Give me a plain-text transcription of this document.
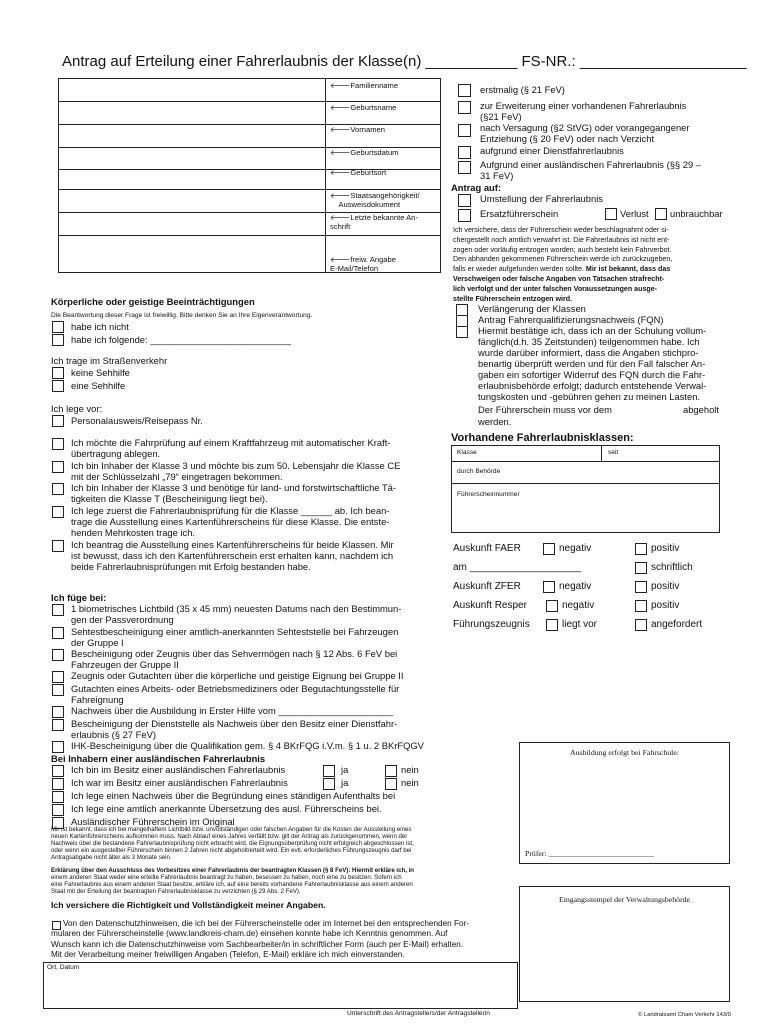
Antrag auf Erteilung einer Fahrerlaubnis der Klasse(n) ___________ FS-NR.: ____________________
🡐Familienname
🡐Geburtsname
🡐Vornamen
🡐Geburtsdatum
🡐Geburtsort
🡐Staatsangehörigkeit/
Ausweisdokument
🡐Letzte bekannte An-
schrift
🡐freiw. Angabe
E-Mail/Telefon
Körperliche oder geistige Beeinträchtigungen
Die Beantwortung dieser Frage ist freiwillig. Bitte denken Sie an Ihre Eigenverantwortung.
habe ich nicht
habe ich folgende: ___________________________
Ich trage im Straßenverkehr
keine Sehhilfe
eine Sehhilfe
Ich lege vor:
Personalausweis/Reisepass Nr.
Ich möchte die Fahrprüfung auf einem Kraftfahrzeug mit automatischer Kraft-
übertragung ablegen.
Ich bin Inhaber der Klasse 3 und möchte bis zum 50. Lebensjahr die Klasse CE
mit der Schlüsselzahl „79“ eingetragen bekommen.
Ich bin Inhaber der Klasse 3 und benötige für land- und forstwirtschaftliche Tä-
tigkeiten die Klasse T (Bescheinigung liegt bei).
Ich lege zuerst die Fahrerlaubnisprüfung für die Klasse ______ ab. Ich bean-
trage die Ausstellung eines Kartenführerscheins für diese Klasse. Die entste-
henden Mehrkosten trage ich.
Ich beantrag die Ausstellung eines Kartenführerscheins für beide Klassen. Mir
ist bewusst, dass ich den Kartenführerschein erst erhalten kann, nachdem ich
beide Fahrerlaubnisprüfungen mit Erfolg bestanden habe.
Ich füge bei:
1 biometrisches Lichtbild (35 x 45 mm) neuesten Datums nach den Bestimmun-
gen der Passverordnung
Sehtestbescheinigung einer amtlich-anerkannten Sehteststelle bei Fahrzeugen
der Gruppe I
Bescheinigung oder Zeugnis über das Sehvermögen nach § 12 Abs. 6 FeV bei
Fahrzeugen der Gruppe II
Zeugnis oder Gutachten über die körperliche und geistige Eignung bei Gruppe II
Gutachten eines Arbeits- oder Betriebsmediziners oder Begutachtungsstelle für
Fahreignung
Nachweis über die Ausbildung in Erster Hilfe vom ______________________
Bescheinigung der Dienststelle als Nachweis über den Besitz einer Dienstfahr-
erlaubnis (§ 27 FeV)
IHK-Bescheinigung über die Qualifikation gem. § 4 BKrFQG i.V.m. § 1 u. 2 BKrFQGV
Bei Inhabern einer ausländischen Fahrerlaubnis
Ich bin im Besitz einer ausländischen Fahrerlaubnis	ja	nein
Ich war im Besitz einer ausländischen Fahrerlaubnis	ja	nein
Ich lege einen Nachweis über die Begründung eines ständigen Aufenthalts bei
Ich lege eine amtlich anerkannte Übersetzung des ausl. Führerscheins bei.
Ausländischer Führerschein im Original
Mir ist bekannt, dass ich bei mangelhaftem Lichtbild bzw. unvollständigen oder falschen Angaben für die Kosten der Ausstellung eines
neuen Kartenführerscheins aufkommen muss. Nach Ablauf eines Jahres verfällt bzw. gilt der Antrag als zurückgenommen, wenn der
Nachweis über die bestandene Fahrerlaubnisprüfung nicht erbracht wird, die Eignungsüberprüfung nicht erfolgreich abgeschlossen ist,
oder wenn ein ausgestellter Führerschein binnen 2 Jahren nicht abgeholt/erteilt wird. Ein evtl. erforderliches Führungszeugnis darf bei
Antragsabgabe nicht älter als 3 Monate sein.
Erklärung über den Ausschluss des Vorbesitzes einer Fahrerlaubnis der beantragten Klassen (§ 8 FeV): Hiermit erkläre ich, in
einem anderen Staat weder eine erteilte Fahrerlaubnis beantragt zu haben, besessen zu haben, noch eine zu besitzen. Sofern ich
eine Fahrerlaubnis aus einem anderen Staat besitze, erkläre ich, auf eine bereits vorhandene Fahrerlaubnisklasse aus einem anderen
Staat mit der Erteilung der beantragten Fahrerlaubnisklasse zu verzichten (§ 29 Abs. 2 FeV).
Ich versichere die Richtigkeit und Vollständigkeit meiner Angaben.
Von den Datenschutzhinweisen, die ich bei der Führerscheinstelle oder im Internet bei den entsprechenden For-

mularen der Führerscheinstelle (www.landkreis-cham.de) einsehen konnte habe ich Kenntnis genommen. Auf
Wunsch kann ich die Datenschutzhinweise vom Sachbearbeiter/in in schriftlicher Form (auch per E-Mail) erhalten.
Mit der Verarbeitung meiner freiwilligen Angaben (Telefon, E-Mail) erkläre ich mich einverstanden.
Ort, Datum
Unterschrift des Antragstellers/der Antragstellerin
erstmalig (§ 21 FeV)
zur Erweiterung einer vorhandenen Fahrerlaubnis
(§21 FeV)
nach Versagung (§2 StVG) oder vorangegangener
Entziehung (§ 20 FeV) oder nach Verzicht
aufgrund einer Dienstfahrerlaubnis
Aufgrund einer ausländischen Fahrerlaubnis (§§ 29 –
31 FeV)
Antrag auf:
Umstellung der Fahrerlaubnis
Ersatzführerschein	Verlust unbrauchbar
Ich versichere, dass der Führerschein weder beschlagnahmt oder si-
chergestellt noch amtlich verwahrt ist. Die Fahrerlaubnis ist nicht ent-
zogen oder vorläufig entzogen worden; auch besteht kein Fahrverbot.
Den abhanden gekommenen Führerschein werde ich zurückzugeben,
falls er wieder aufgefunden werden sollte. Mir ist bekannt, dass das
Verschweigen oder falsche Angaben von Tatsachen strafrecht-
lich verfolgt und der unter falschen Voraussetzungen ausge-
stellte Führerschein entzogen wird.
Verlängerung der Klassen
Antrag Fahrerqualifizierungsnachweis (FQN)
Hiermit bestätige ich, dass ich an der Schulung vollum-
fänglich(d.h. 35 Zeitstunden) teilgenommen habe. Ich
wurde darüber informiert, dass die Angaben stichpro-
benartig überprüft werden und für den Fall falscher An-
gaben ein sofortiger Widerruf des FQN durch die Fahr-
erlaubnisbehörde erfolgt; dadurch entstehende Verwal-
tungskosten und -gebühren gehen zu meinen Lasten.
Der Führerschein muss vor dem	abgeholt
werden.
Vorhandene Fahrerlaubnisklassen:
Klasse	seit
durch Behörde
Führerscheinnummer
Auskunft FAER	negativ	positiv
am ____________________	schriftlich
Auskunft ZFER	negativ	positiv
Auskunft Resper	negativ	positiv
Führungszeugnis	liegt vor	angefordert
Ausbildung erfolgt bei Fahrschule:
Prüfer: ___________________________
Eingangsstempel der Verwaltungsbehörde
© Landratsamt Cham Verkehr 143/0
